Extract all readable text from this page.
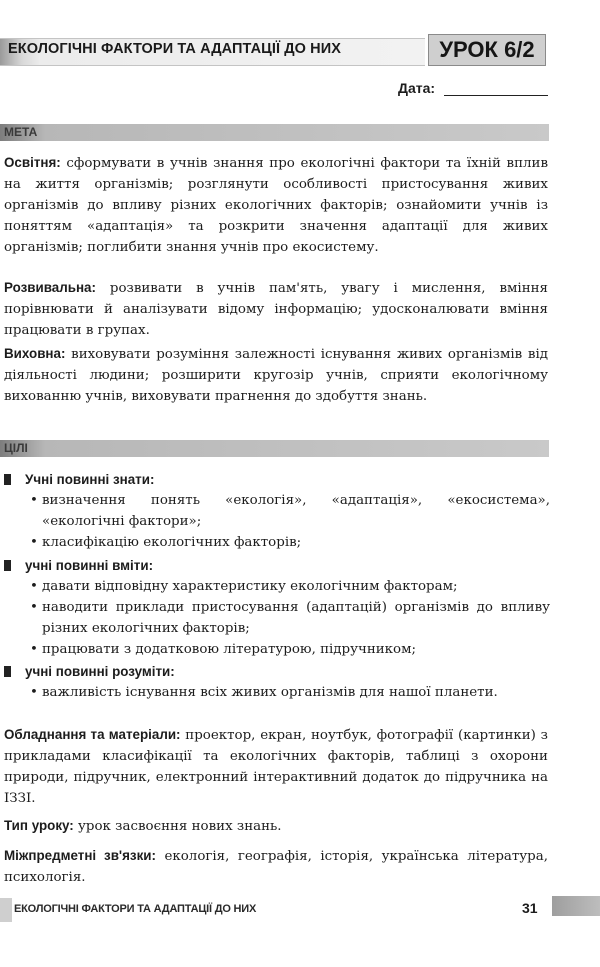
ЕКОЛОГІЧНІ ФАКТОРИ ТА АДАПТАЦІЇ ДО НИХ	УРОК 6/2
Дата:
МЕТА

Освітня: сформувати в учнів знання про екологічні фактори та їхній вплив на життя організмів; розглянути особливості пристосування живих організмів до впливу різних екологічних факторів; ознайомити учнів із поняттям «адаптація» та розкрити значення адаптації для живих організмів; поглибити знання учнів про екосистему.

Розвивальна: розвивати в учнів пам'ять, увагу і мислення, вміння порівнювати й аналізувати відому інформацію; удосконалювати вміння працювати в групах.

Виховна: виховувати розуміння залежності існування живих організмів від діяльності людини; розширити кругозір учнів, сприяти екологічному вихованню учнів, виховувати прагнення до здобуття знань.

ЦІЛІ
Учні повинні знати:
• визначення понять «екологія», «адаптація», «екосистема», «екологічні фактори»;
• класифікацію екологічних факторів;
учні повинні вміти:
• давати відповідну характеристику екологічним факторам;
• наводити приклади пристосування (адаптацій) організмів до впливу різних екологічних факторів;
• працювати з додатковою літературою, підручником;
учні повинні розуміти:
• важливість існування всіх живих організмів для нашої планети.

Обладнання та матеріали: проектор, екран, ноутбук, фотографії (картинки) з прикладами класифікації та екологічних факторів, таблиці з охорони природи, підручник, електронний інтерактивний додаток до підручника на ІЗЗІ.

Тип уроку: урок засвоєння нових знань.

Міжпредметні зв'язки: екологія, географія, історія, українська література, психологія.

ЕКОЛОГІЧНІ ФАКТОРИ ТА АДАПТАЦІЇ ДО НИХ	31
